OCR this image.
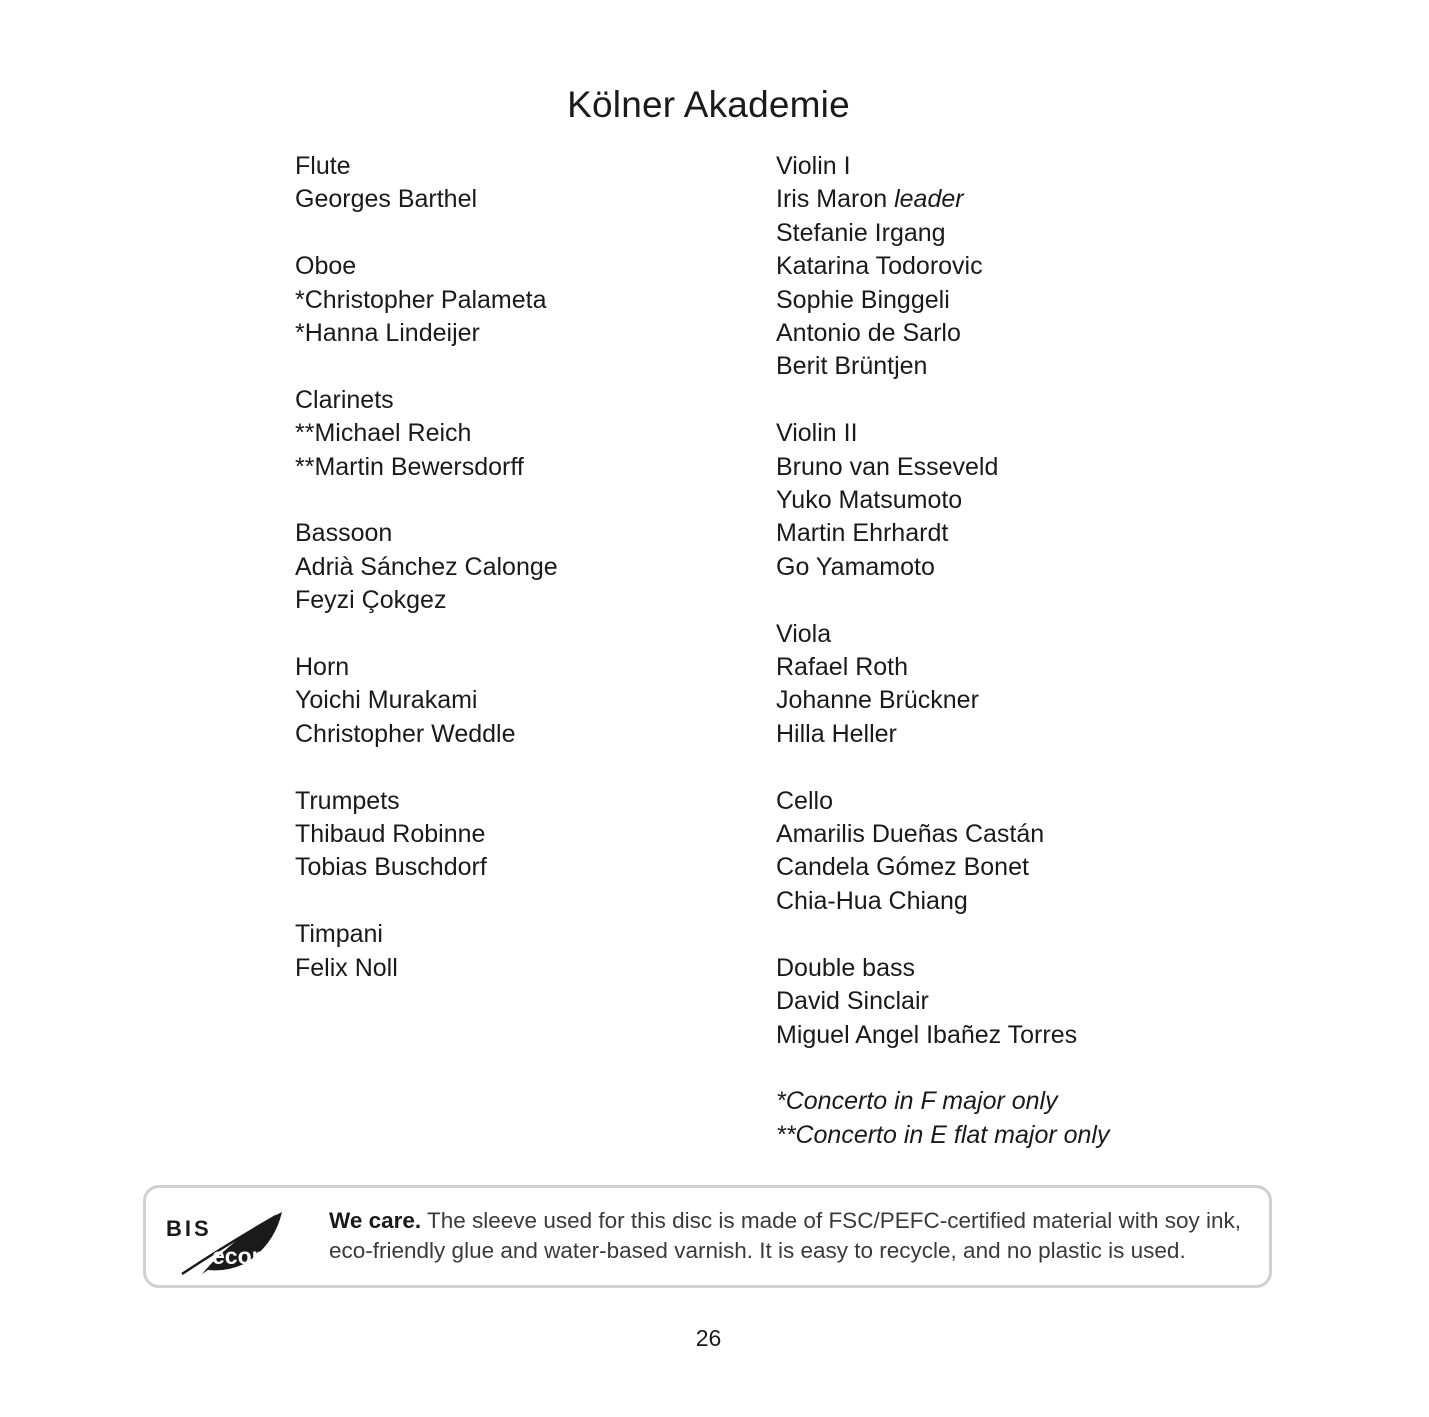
Kölner Akademie
Flute
Georges Barthel
Oboe
*Christopher Palameta
*Hanna Lindeijer
Clarinets
**Michael Reich
**Martin Bewersdorff
Bassoon
Adrià Sánchez Calonge
Feyzi Çokgez
Horn
Yoichi Murakami
Christopher Weddle
Trumpets
Thibaud Robinne
Tobias Buschdorf
Timpani
Felix Noll
Violin I
Iris Maron leader
Stefanie Irgang
Katarina Todorovic
Sophie Binggeli
Antonio de Sarlo
Berit Brüntjen
Violin II
Bruno van Esseveld
Yuko Matsumoto
Martin Ehrhardt
Go Yamamoto
Viola
Rafael Roth
Johanne Brückner
Hilla Heller
Cello
Amarilis Dueñas Castán
Candela Gómez Bonet
Chia-Hua Chiang
Double bass
David Sinclair
Miguel Angel Ibañez Torres
*Concerto in F major only
**Concerto in E flat major only
BIS
ecopak
We care. The sleeve used for this disc is made of FSC/PEFC-certified material with soy ink, eco-friendly glue and water-based varnish. It is easy to recycle, and no plastic is used.
26
